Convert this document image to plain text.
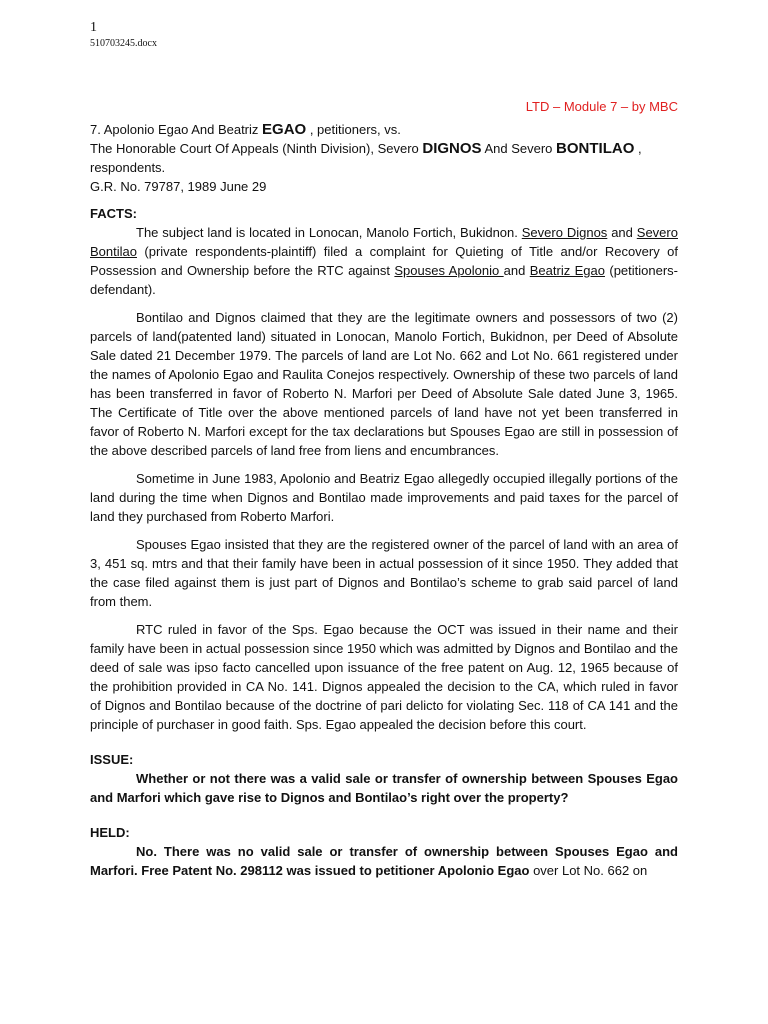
1
510703245.docx
LTD – Module 7 – by MBC

7. Apolonio Egao And Beatriz EGAO , petitioners, vs.

The Honorable Court Of Appeals (Ninth Division), Severo DIGNOS And Severo BONTILAO ,

respondents.

G.R. No. 79787, 1989 June 29

FACTS:

The subject land is located in Lonocan, Manolo Fortich, Bukidnon. Severo Dignos and Severo Bontilao (private respondents-plaintiff) filed a complaint for Quieting of Title and/or Recovery of Possession and Ownership before the RTC against Spouses Apolonio and Beatriz Egao (petitioners- defendant).

Bontilao and Dignos claimed that they are the legitimate owners and possessors of two (2) parcels of land(patented land) situated in Lonocan, Manolo Fortich, Bukidnon, per Deed of Absolute Sale dated 21 December 1979. The parcels of land are Lot No. 662 and Lot No. 661 registered under the names of Apolonio Egao and Raulita Conejos respectively. Ownership of these two parcels of land has been transferred in favor of Roberto N. Marfori per Deed of Absolute Sale dated June 3, 1965. The Certificate of Title over the above mentioned parcels of land have not yet been transferred in favor of Roberto N. Marfori except for the tax declarations but Spouses Egao are still in possession of the above described parcels of land free from liens and encumbrances.

Sometime in June 1983, Apolonio and Beatriz Egao allegedly occupied illegally portions of the land during the time when Dignos and Bontilao made improvements and paid taxes for the parcel of land they purchased from Roberto Marfori.

Spouses Egao insisted that they are the registered owner of the parcel of land with an area of 3, 451 sq. mtrs and that their family have been in actual possession of it since 1950. They added that the case filed against them is just part of Dignos and Bontilao’s scheme to grab said parcel of land from them.

RTC ruled in favor of the Sps. Egao because the OCT was issued in their name and their family have been in actual possession since 1950 which was admitted by Dignos and Bontilao and the deed of sale was ipso facto cancelled upon issuance of the free patent on Aug. 12, 1965 because of the prohibition provided in CA No. 141. Dignos appealed the decision to the CA, which ruled in favor of Dignos and Bontilao because of the doctrine of pari delicto for violating Sec. 118 of CA 141 and the principle of purchaser in good faith. Sps. Egao appealed the decision before this court.

ISSUE:

Whether or not there was a valid sale or transfer of ownership between Spouses Egao and Marfori which gave rise to Dignos and Bontilao’s right over the property?

HELD:

No. There was no valid sale or transfer of ownership between Spouses Egao and Marfori. Free Patent No. 298112 was issued to petitioner Apolonio Egao over Lot No. 662 on
